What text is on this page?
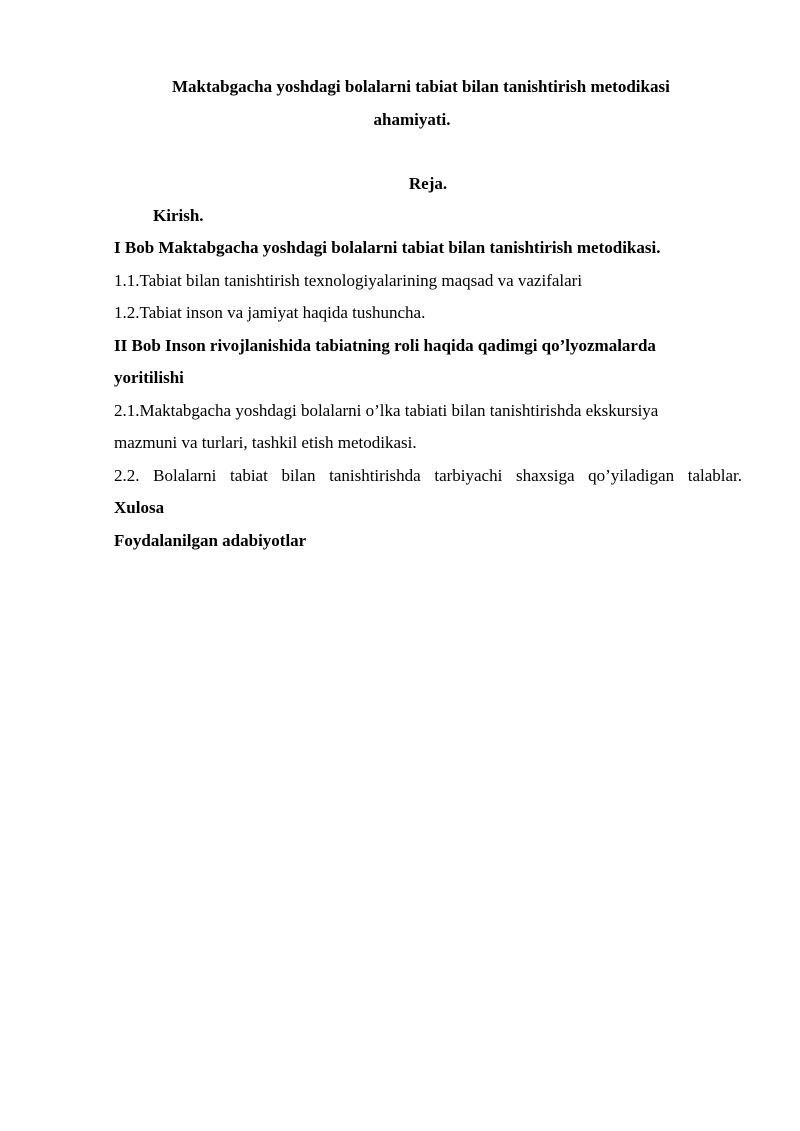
Maktabgacha yoshdagi bolalarni tabiat bilan tanishtirish metodikasi
ahamiyati.
Reja.
Kirish.
I Bob Maktabgacha yoshdagi bolalarni tabiat bilan tanishtirish metodikasi.
1.1.Tabiat bilan tanishtirish texnologiyalarining maqsad va vazifalari
1.2.Tabiat inson va jamiyat haqida tushuncha.
II Bob Inson rivojlanishida tabiatning roli haqida qadimgi qo’lyozmalarda
yoritilishi
2.1.Maktabgacha yoshdagi bolalarni o’lka tabiati bilan tanishtirishda ekskursiya
mazmuni va turlari, tashkil etish metodikasi.
2.2. Bolalarni tabiat bilan tanishtirishda tarbiyachi shaxsiga qo’yiladigan talablar.
Xulosa
Foydalanilgan adabiyotlar
